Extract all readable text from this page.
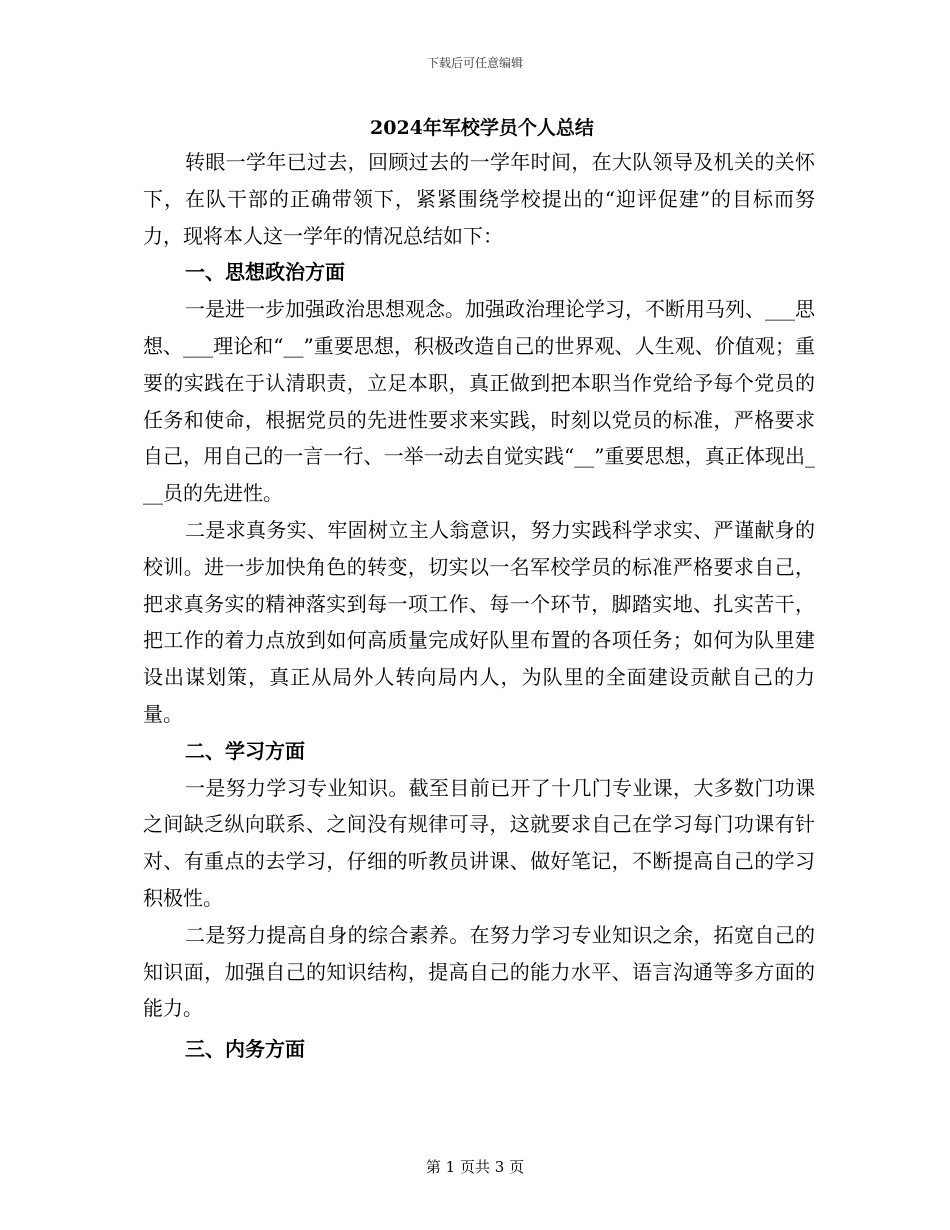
下载后可任意编辑
2024年军校学员个人总结

转眼一学年已过去，回顾过去的一学年时间，在大队领导及机关的关怀下，在队干部的正确带领下，紧紧围绕学校提出的“迎评促建”的目标而努力，现将本人这一学年的情况总结如下：

一、思想政治方面

一是进一步加强政治思想观念。加强政治理论学习，不断用马列、___思想、___理论和“__”重要思想，积极改造自己的世界观、人生观、价值观；重要的实践在于认清职责，立足本职，真正做到把本职当作党给予每个党员的任务和使命，根据党员的先进性要求来实践，时刻以党员的标准，严格要求自己，用自己的一言一行、一举一动去自觉实践“__”重要思想，真正体现出___员的先进性。

二是求真务实、牢固树立主人翁意识，努力实践科学求实、严谨献身的校训。进一步加快角色的转变，切实以一名军校学员的标准严格要求自己，把求真务实的精神落实到每一项工作、每一个环节，脚踏实地、扎实苦干，把工作的着力点放到如何高质量完成好队里布置的各项任务；如何为队里建设出谋划策，真正从局外人转向局内人，为队里的全面建设贡献自己的力量。

二、学习方面

一是努力学习专业知识。截至目前已开了十几门专业课，大多数门功课之间缺乏纵向联系、之间没有规律可寻，这就要求自己在学习每门功课有针对、有重点的去学习，仔细的听教员讲课、做好笔记，不断提高自己的学习积极性。

二是努力提高自身的综合素养。在努力学习专业知识之余，拓宽自己的知识面，加强自己的知识结构，提高自己的能力水平、语言沟通等多方面的能力。

三、内务方面
第 1 页共 3 页
